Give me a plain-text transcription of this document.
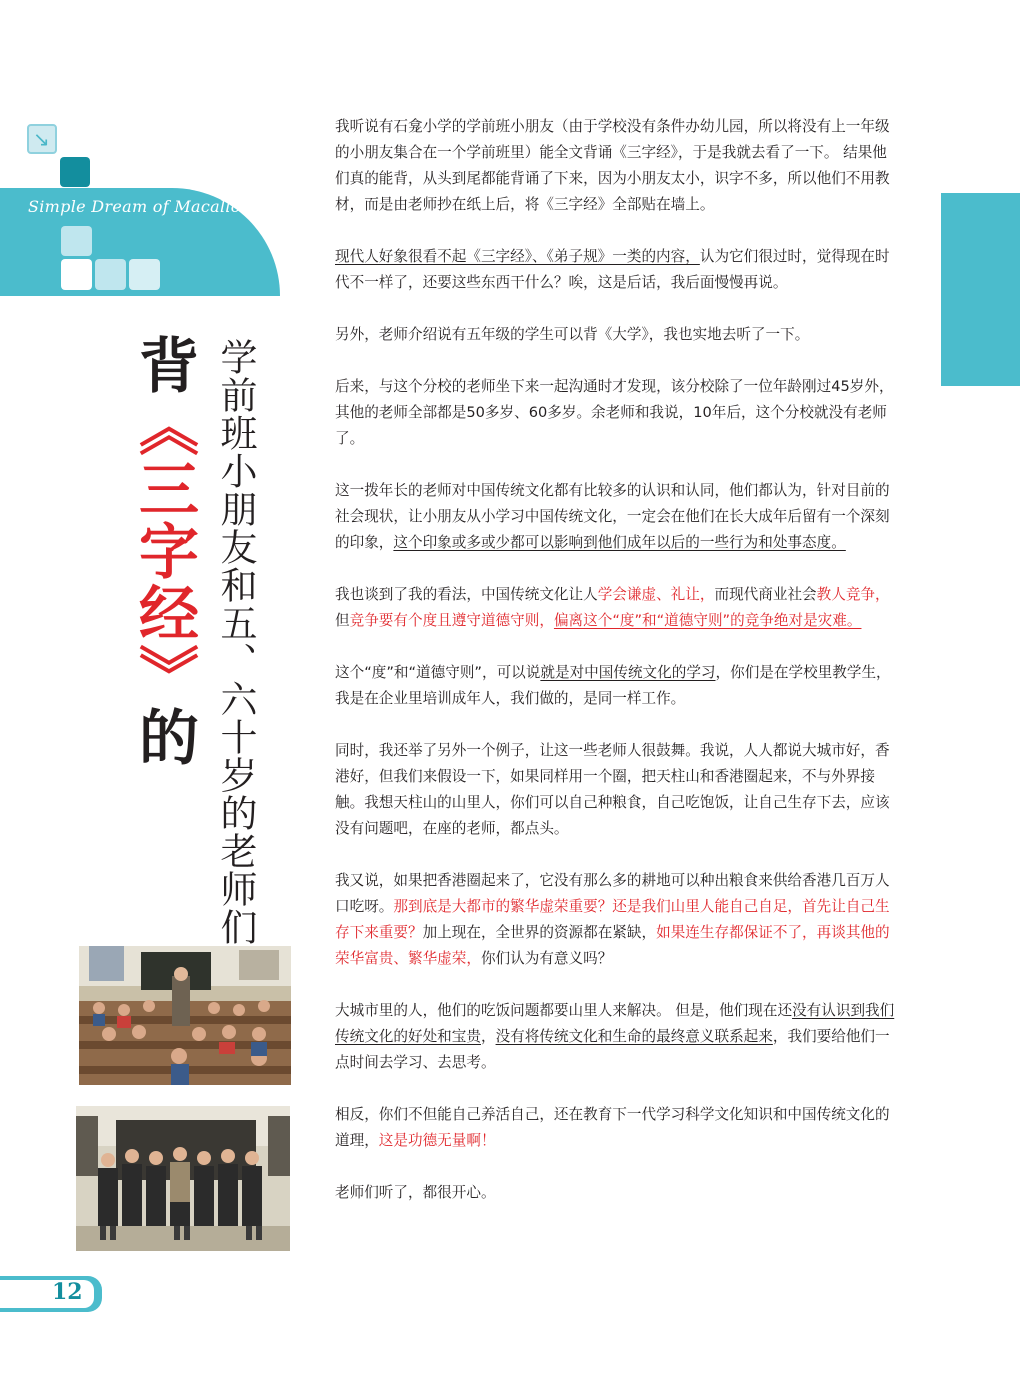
↘
Simple Dream of Macallon
背《三字经》的 学前班小朋友和五、六十岁的老师们

我听说有石龛小学的学前班小朋友（由于学校没有条件办幼儿园，所以将没有上一年级的小朋友集合在一个学前班里）能全文背诵《三字经》，于是我就去看了一下。 结果他们真的能背，从头到尾都能背诵了下来，因为小朋友太小，识字不多，所以他们不用教材，而是由老师抄在纸上后，将《三字经》全部贴在墙上。

现代人好象很看不起《三字经》、《弟子规》一类的内容，认为它们很过时，觉得现在时代不一样了，还要这些东西干什么？唉，这是后话，我后面慢慢再说。

另外，老师介绍说有五年级的学生可以背《大学》，我也实地去听了一下。

后来，与这个分校的老师坐下来一起沟通时才发现，该分校除了一位年龄刚过45岁外，其他的老师全部都是50多岁、60多岁。余老师和我说，10年后，这个分校就没有老师了。

这一拨年长的老师对中国传统文化都有比较多的认识和认同，他们都认为，针对目前的社会现状，让小朋友从小学习中国传统文化，一定会在他们在长大成年后留有一个深刻的印象，这个印象或多或少都可以影响到他们成年以后的一些行为和处事态度。

我也谈到了我的看法，中国传统文化让人学会谦虚、礼让，而现代商业社会教人竞争，但竞争要有个度且遵守道德守则，偏离这个“度”和“道德守则”的竞争绝对是灾难。

这个“度”和“道德守则”，可以说就是对中国传统文化的学习，你们是在学校里教学生，我是在企业里培训成年人，我们做的，是同一样工作。

同时，我还举了另外一个例子，让这一些老师人很鼓舞。我说，人人都说大城市好，香港好，但我们来假设一下，如果同样用一个圈，把天柱山和香港圈起来，不与外界接触。我想天柱山的山里人，你们可以自己种粮食，自己吃饱饭，让自己生存下去，应该没有问题吧，在座的老师，都点头。

我又说，如果把香港圈起来了，它没有那么多的耕地可以种出粮食来供给香港几百万人口吃呀。那到底是大都市的繁华虚荣重要？还是我们山里人能自己自足，首先让自己生存下来重要？加上现在，全世界的资源都在紧缺，如果连生存都保证不了，再谈其他的荣华富贵、繁华虚荣，你们认为有意义吗？

大城市里的人，他们的吃饭问题都要山里人来解决。 但是，他们现在还没有认识到我们传统文化的好处和宝贵，没有将传统文化和生命的最终意义联系起来，我们要给他们一点时间去学习、去思考。

相反，你们不但能自己养活自己，还在教育下一代学习科学文化知识和中国传统文化的道理，这是功德无量啊！

老师们听了，都很开心。

12
